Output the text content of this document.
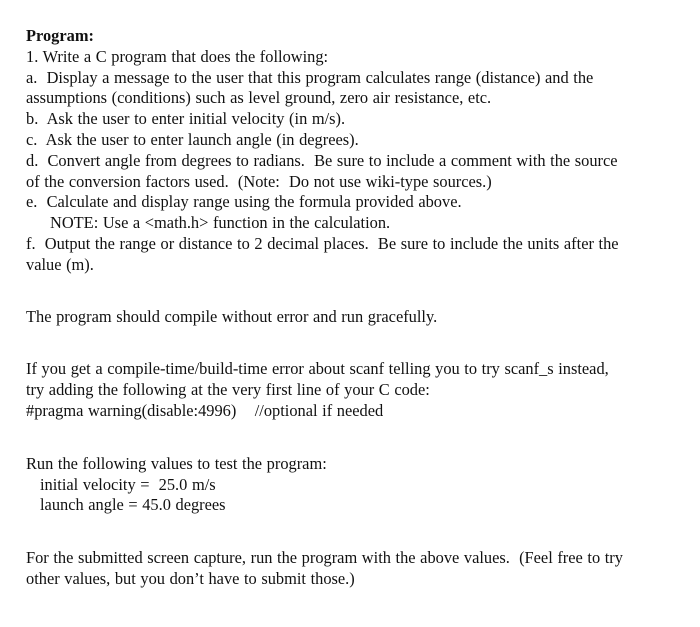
Program:

1. Write a C program that does the following:

a.  Display a message to the user that this program calculates range (distance) and the

assumptions (conditions) such as level ground, zero air resistance, etc.

b.  Ask the user to enter initial velocity (in m/s).

c.  Ask the user to enter launch angle (in degrees).

d.  Convert angle from degrees to radians.  Be sure to include a comment with the source

of the conversion factors used.  (Note:  Do not use wiki-type sources.)

e.  Calculate and display range using the formula provided above.

NOTE: Use a <math.h> function in the calculation.

f.  Output the range or distance to 2 decimal places.  Be sure to include the units after the

value (m).

The program should compile without error and run gracefully.

If you get a compile-time/build-time error about scanf telling you to try scanf_s instead,

try adding the following at the very first line of your C code:

#pragma warning(disable:4996)    //optional if needed

Run the following values to test the program:

initial velocity =  25.0 m/s

launch angle = 45.0 degrees

For the submitted screen capture, run the program with the above values.  (Feel free to try

other values, but you don’t have to submit those.)
